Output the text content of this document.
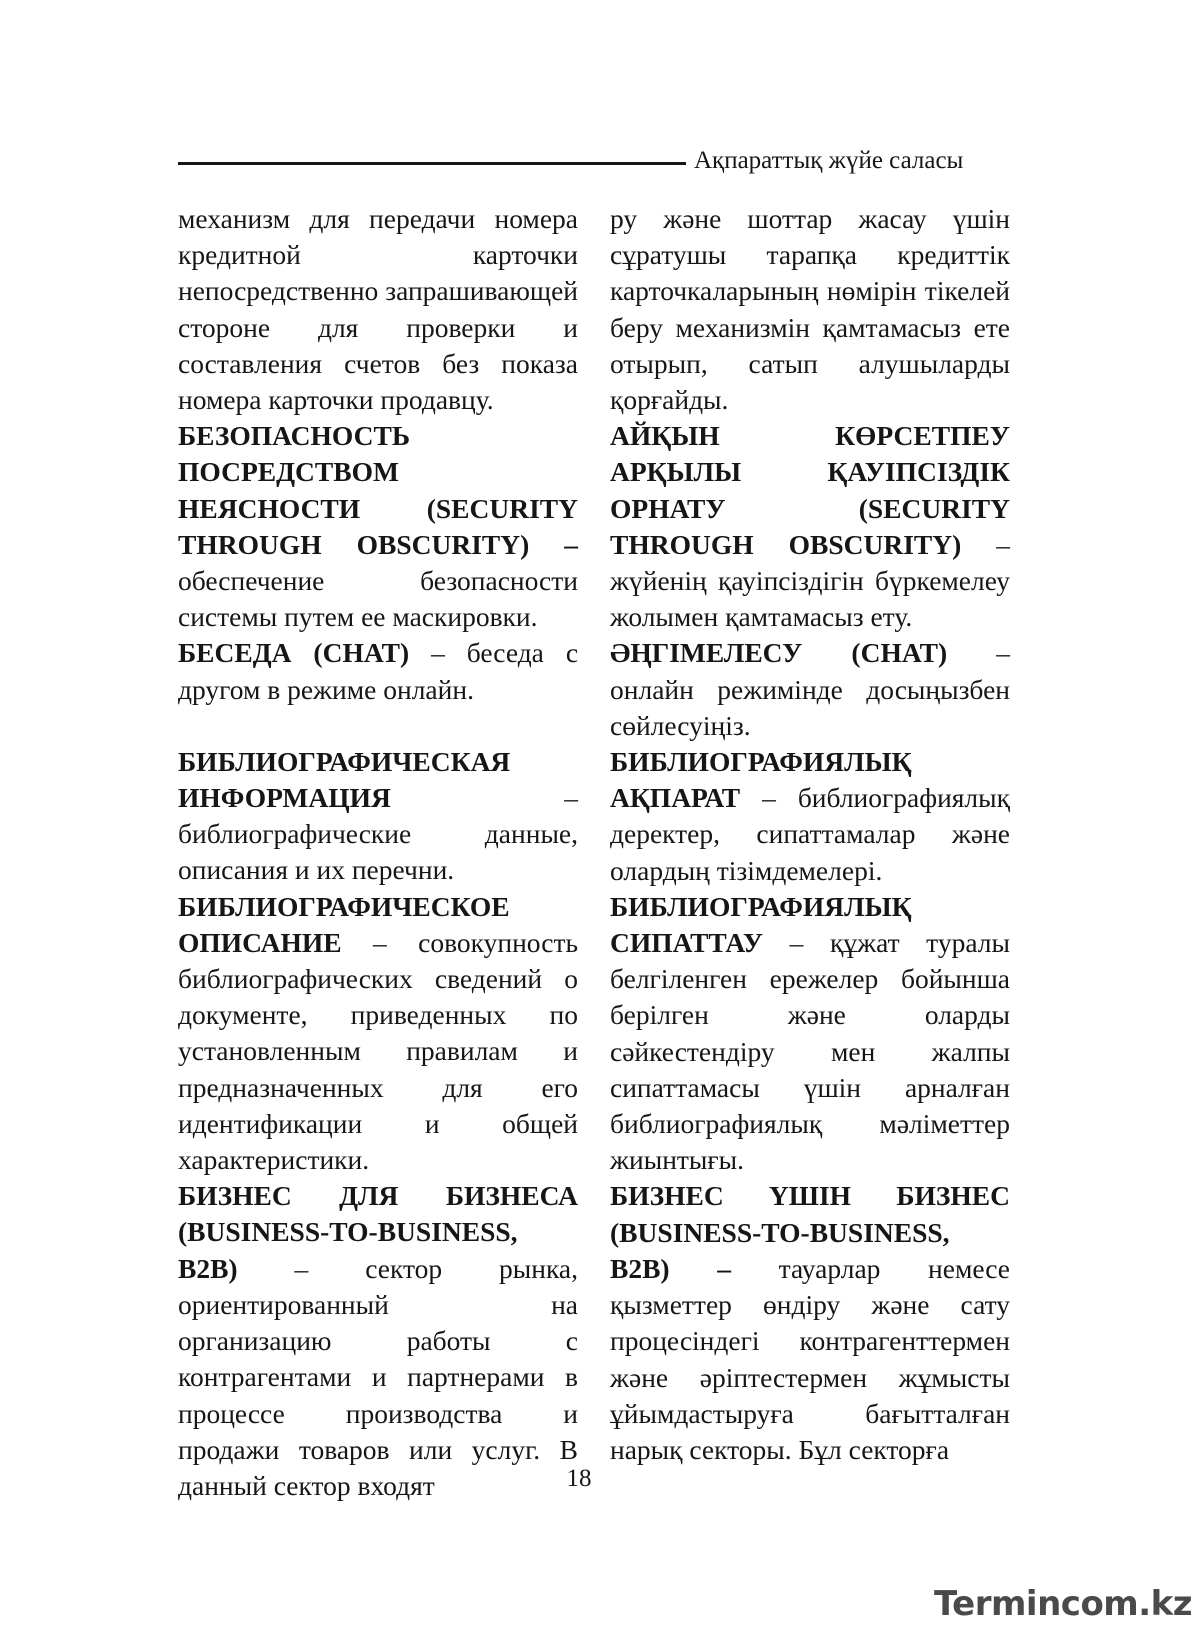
Ақпараттық жүйе саласы

механизм для передачи номера кредитной карточки непосредственно запрашивающей стороне для проверки и составления счетов без показа номера карточки продавцу.

БЕЗОПАСНОСТЬ ПОСРЕДСТВОМ НЕЯСНОСТИ (SECURITY THROUGH OBSCURITY) – обеспечение безопасности системы путем ее маскировки.

БЕСЕДА (CHAT) – беседа с другом в режиме онлайн.

БИБЛИОГРАФИЧЕСКАЯ ИНФОРМАЦИЯ	– библиографические данные, описания и их перечни.

БИБЛИОГРАФИЧЕСКОЕ ОПИСАНИЕ – совокупность библиографических сведений о документе, приведенных по установленным правилам и предназначенных для его идентификации и общей характеристики.

БИЗНЕС ДЛЯ БИЗНЕСА (BUSINESS-TO-BUSINESS, B2B) – сектор рынка, ориентированный на организацию работы с контрагентами и партнерами в процессе производства и продажи товаров или услуг. В данный сектор входят

ру және шоттар жасау үшін сұратушы тарапқа кредиттік карточкаларының нөмірін тікелей беру механизмін қамтамасыз ете отырып, сатып алушыларды қорғайды.

АЙҚЫН КӨРСЕТПЕУ АРҚЫЛЫ ҚАУІПСІЗДІК ОРНАТУ (SECURITY THROUGH OBSCURITY) – жүйенің қауіпсіздігін бүркемелеу жолымен қамтамасыз ету.

ӘҢГІМЕЛЕСУ (CHAT) – онлайн режимінде досыңызбен сөйлесуіңіз.

БИБЛИОГРАФИЯЛЫҚ АҚПАРАТ – библиографиялық деректер, сипаттамалар және олардың тізімдемелері.

БИБЛИОГРАФИЯЛЫҚ СИПАТТАУ – құжат туралы белгіленген ережелер бойынша берілген және оларды сәйкестендіру мен жалпы сипаттамасы үшін арналған библиографиялық мәліметтер жиынтығы.

БИЗНЕС ҮШІН БИЗНЕС (BUSINESS-TO-BUSINESS, B2B) – тауарлар немесе қызметтер өндіру және сату процесіндегі контрагенттермен және әріптестермен жұмысты ұйымдастыруға бағытталған нарық секторы. Бұл секторға

18
Termincom.kz
